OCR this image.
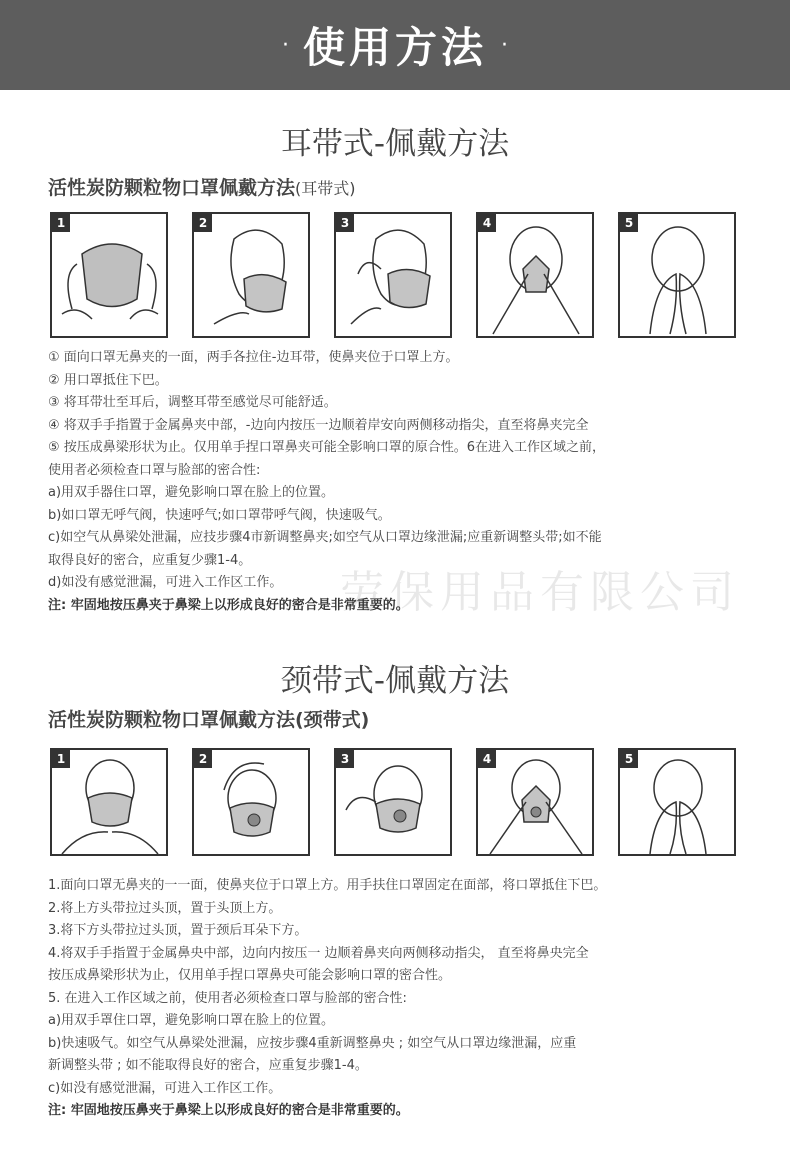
· 使用方法 ·
耳带式-佩戴方法
活性炭防颗粒物口罩佩戴方法(耳带式)
1	2	3	4	5
① 面向口罩无鼻夹的一面，两手各拉住-边耳带，使鼻夹位于口罩上方。
② 用口罩抵住下巴。
③ 将耳带壮至耳后，调整耳带至感觉尽可能舒适。
④ 将双手手指置于金属鼻夹中部，-边向内按压一边顺着岸安向两侧移动指尖，直至将鼻夹完全
⑤ 按压成鼻梁形状为止。仅用单手捏口罩鼻夹可能全影响口罩的原合性。6在进入工作区域之前，
使用者必须检查口罩与脸部的密合性:
a)用双手器住口罩，避免影响口罩在脸上的位置。
b)如口罩无呼气阀，快速呼气;如口罩带呼气阀，快速吸气。
c)如空气从鼻梁处泄漏，应技步骤4市新调整鼻夹;如空气从口罩边缘泄漏;应重新调整头带;如不能
取得良好的密合，应重复少骤1-4。
d)如没有感觉泄漏，可进入工作区工作。
注: 牢固地按压鼻夹于鼻梁上以形成良好的密合是非常重要的。
劳保用品有限公司
颈带式-佩戴方法
活性炭防颗粒物口罩佩戴方法(颈带式)
1	2	3	4	5
1.面向口罩无鼻夹的一一面，使鼻夹位于口罩上方。用手扶住口罩固定在面部，将口罩抵住下巴。
2.将上方头带拉过头顶，置于头顶上方。
3.将下方头带拉过头顶，置于颈后耳朵下方。
4.将双手手指置于金属鼻央中部，边向内按压一 边顺着鼻夹向两侧移动指尖， 直至将鼻央完全
按压成鼻梁形状为止，仅用单手捏口罩鼻央可能会影响口罩的密合性。
5. 在进入工作区域之前，使用者必须检查口罩与脸部的密合性:
a)用双手罩住口罩，避免影响口罩在脸上的位置。
b)快速吸气。如空气从鼻梁处泄漏，应按步骤4重新调整鼻央 ; 如空气从口罩边缘泄漏，应重
新调整头带 ; 如不能取得良好的密合，应重复步骤1-4。
c)如没有感觉泄漏，可进入工作区工作。
注: 牢固地按压鼻夹于鼻梁上以形成良好的密合是非常重要的。
